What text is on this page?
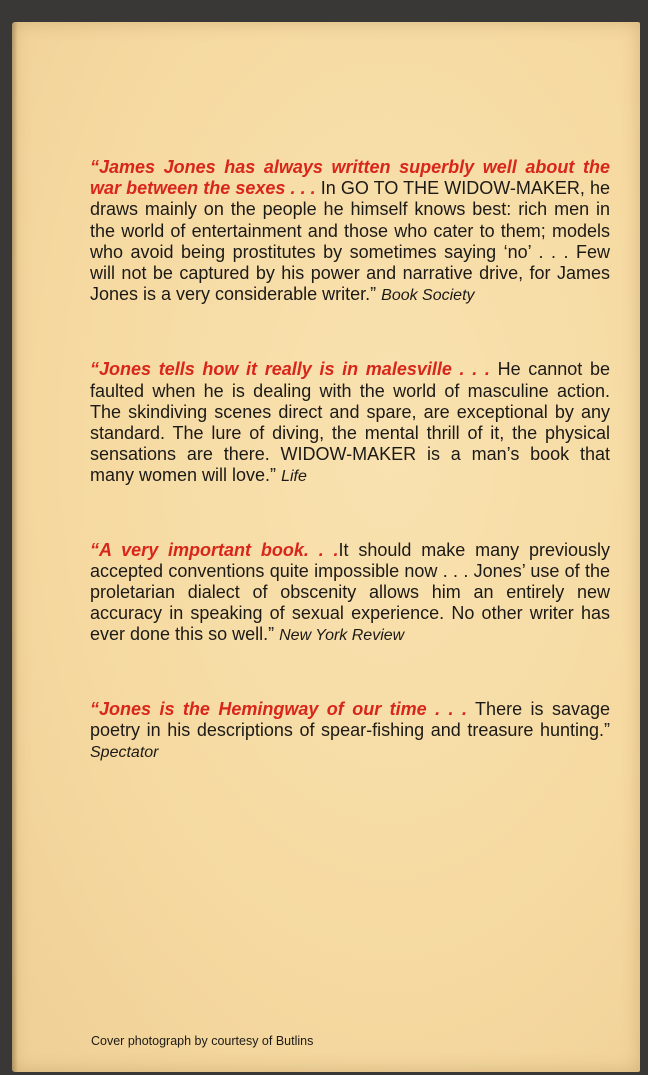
“James Jones has always written superbly well about the war between the sexes . . . In GO TO THE WIDOW-MAKER, he draws mainly on the people he himself knows best: rich men in the world of entertainment and those who cater to them; models who avoid being prostitutes by sometimes saying ‘no’ . . . Few will not be captured by his power and narrative drive, for James Jones is a very considerable writer.” Book Society

“Jones tells how it really is in malesville . . . He cannot be faulted when he is dealing with the world of masculine action. The skindiving scenes direct and spare, are exceptional by any standard. The lure of diving, the mental thrill of it, the physical sensations are there. WIDOW-MAKER is a man’s book that many women will love.” Life

“A very important book. . .It should make many previously accepted conventions quite impossible now . . . Jones’ use of the proletarian dialect of obscenity allows him an entirely new accuracy in speaking of sexual experience. No other writer has ever done this so well.” New York Review

“Jones is the Hemingway of our time . . . There is savage poetry in his descriptions of spear-fishing and treasure hunting.” Spectator

Cover photograph by courtesy of Butlins
